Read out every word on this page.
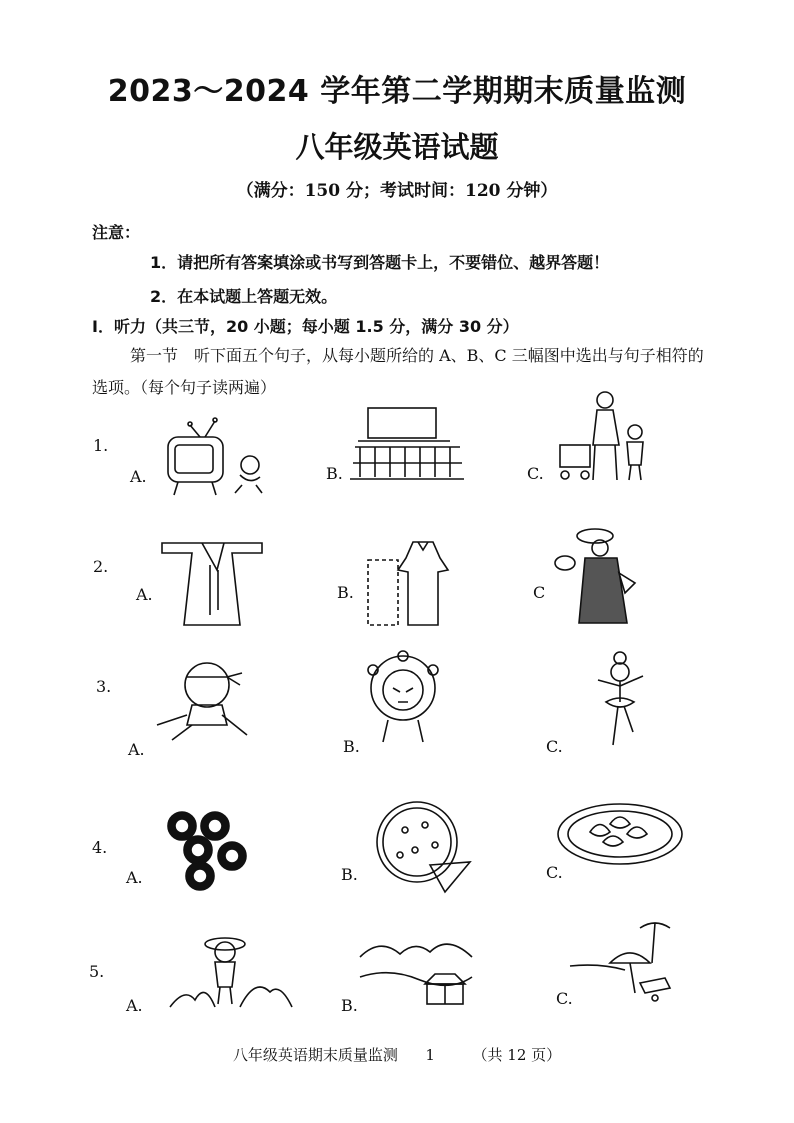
2023～2024 学年第二学期期末质量监测
八年级英语试题
（满分：150 分；考试时间：120 分钟）
注意：
1．请把所有答案填涂或书写到答题卡上，不要错位、越界答题！
2．在本试题上答题无效。
I．听力（共三节，20 小题；每小题 1.5 分，满分 30 分）
第一节　听下面五个句子，从每小题所给的 A、B、C 三幅图中选出与句子相符的
选项。（每个句子读两遍）
1.
A.	B.	C.
2.
A.	B.	C
3.
A.	B.	C.
4.
A.	B.	C.
5.
A.	B.	C.
八年级英语期末质量监测 1	（共 12 页）
